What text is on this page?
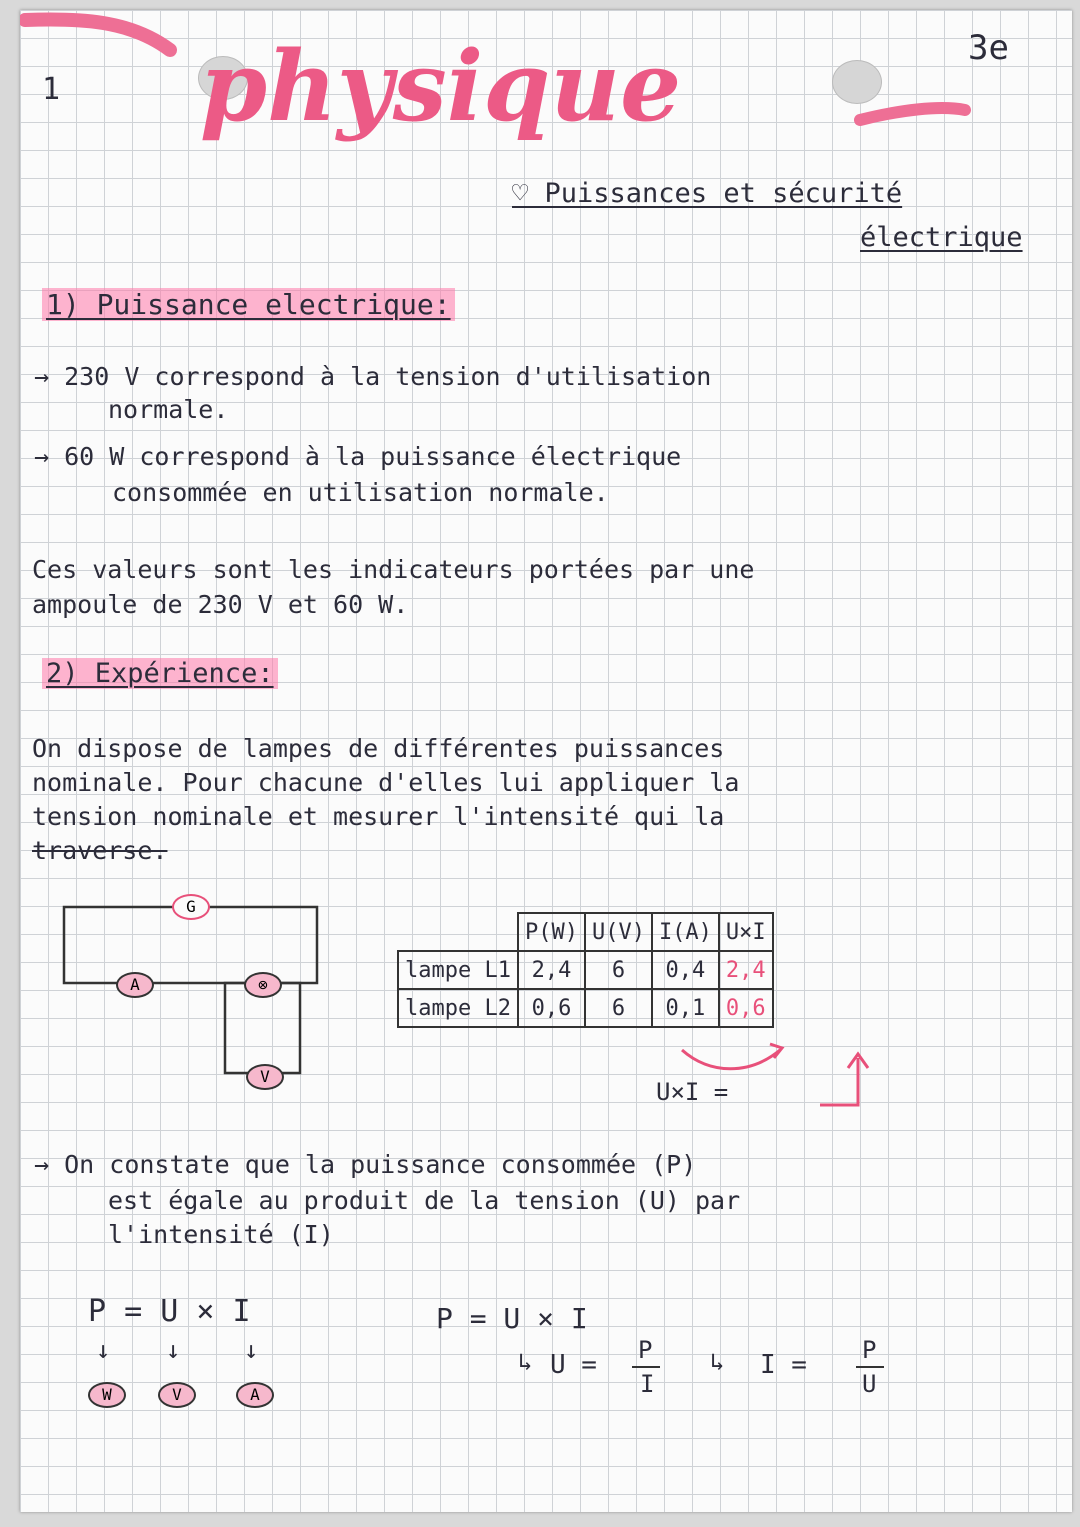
1 physique	3e
♡ Puissances et sécurité
électrique
1) Puissance electrique:
→ 230 V correspond à la tension d'utilisation
normale.
→ 60 W correspond à la puissance électrique
consommée en utilisation normale.
Ces valeurs sont les indicateurs portées par une
ampoule de 230 V et 60 W.
2) Expérience:
On dispose de lampes de différentes puissances
nominale. Pour chacune d'elles lui appliquer la
tension nominale et mesurer l'intensité qui la
traverse.
G
A	⊗
V
	P(W)	U(V)	I(A)	U×I
lampe L1	2,4	6	0,4	2,4
lampe L2	0,6	6	0,1	0,6
U×I =
→ On constate que la puissance consommée (P)
est égale au produit de la tension (U) par
l'intensité (I)
P = U × I
↓ ↓	↓
W	V	A
P = U × I
↳ U = P
I
↳ I = P
U
